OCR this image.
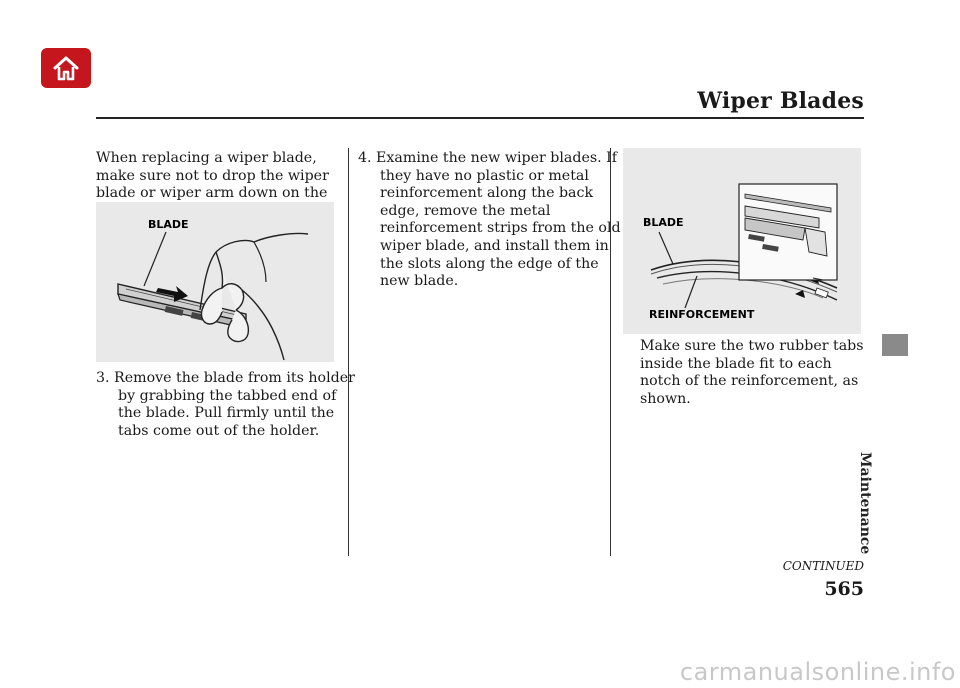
Wiper Blades

When replacing a wiper blade, make sure not to drop the wiper blade or wiper arm down on the

BLADE

3. Remove the blade from its holder by grabbing the tabbed end of the blade. Pull firmly until the tabs come out of the holder.

4. Examine the new wiper blades. If they have no plastic or metal reinforcement along the back edge, remove the metal reinforcement strips from the old wiper blade, and install them in the slots along the edge of the new blade.

BLADE
REINFORCEMENT

Make sure the two rubber tabs inside the blade fit to each notch of the reinforcement, as shown.

Maintenance
CONTINUED
565
carmanualsonline.info
